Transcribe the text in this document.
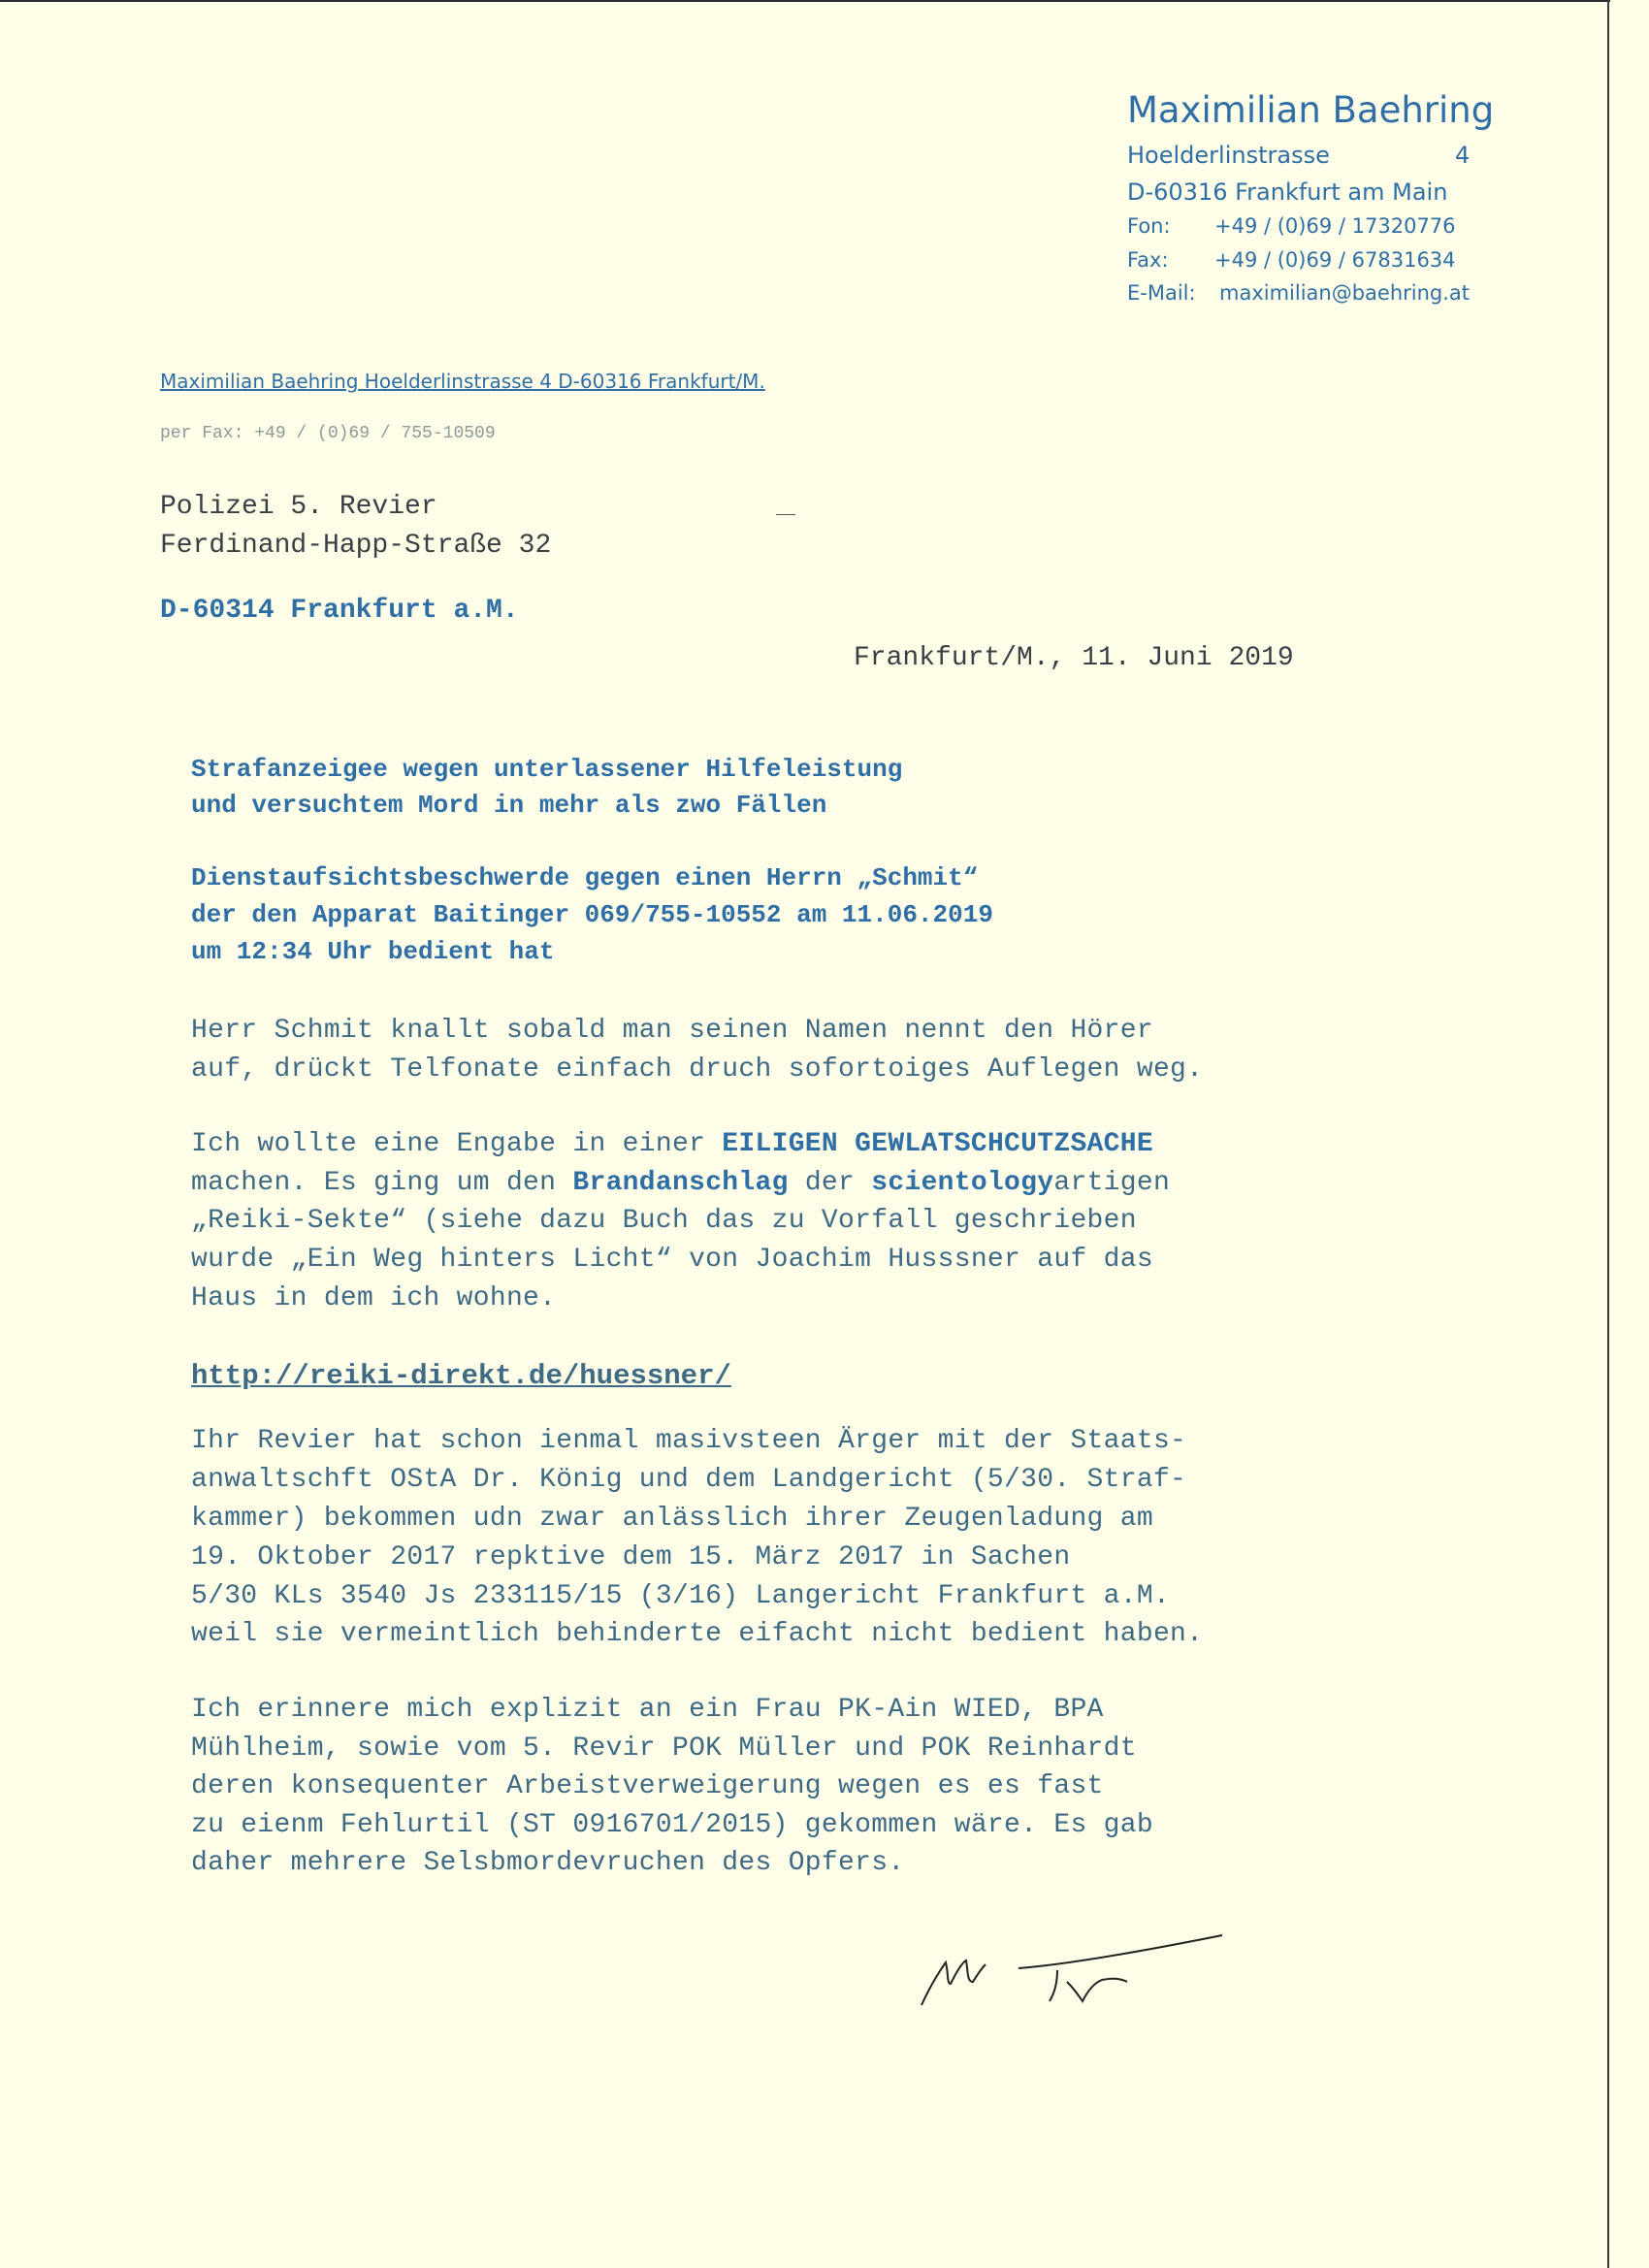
Maximilian Baehring
Hoelderlinstrasse	4
D-60316 Frankfurt am Main
Fon: +49 / (0)69 / 17320776
Fax: +49 / (0)69 / 67831634
E-Mail: maximilian@baehring.at
Maximilian Baehring Hoelderlinstrasse 4 D-60316 Frankfurt/M.
per Fax: +49 / (0)69 / 755-10509
Polizei 5. Revier
Ferdinand-Happ-Straße 32
D-60314 Frankfurt a.M.
Frankfurt/M., 11. Juni 2019
Strafanzeigee wegen unterlassener Hilfeleistung
und versuchtem Mord in mehr als zwo Fällen
Dienstaufsichtsbeschwerde gegen einen Herrn „Schmit“
der den Apparat Baitinger 069/755-10552 am 11.06.2019
um 12:34 Uhr bedient hat
Herr Schmit knallt sobald man seinen Namen nennt den Hörer
auf, drückt Telfonate einfach druch sofortoiges Auflegen weg.
Ich wollte eine Engabe in einer EILIGEN GEWLATSCHCUTZSACHE
machen. Es ging um den Brandanschlag der scientologyartigen
„Reiki-Sekte“ (siehe dazu Buch das zu Vorfall geschrieben
wurde „Ein Weg hinters Licht“ von Joachim Husssner auf das
Haus in dem ich wohne.
http://reiki-direkt.de/huessner/
Ihr Revier hat schon ienmal masivsteen Ärger mit der Staats-
anwaltschft OStA Dr. König und dem Landgericht (5/30. Straf-
kammer) bekommen udn zwar anlässlich ihrer Zeugenladung am
19. Oktober 2017 repktive dem 15. März 2017 in Sachen
5/30 KLs 3540 Js 233115/15 (3/16) Langericht Frankfurt a.M.
weil sie vermeintlich behinderte eifacht nicht bedient haben.
Ich erinnere mich explizit an ein Frau PK-Ain WIED, BPA
Mühlheim, sowie vom 5. Revir POK Müller und POK Reinhardt
deren konsequenter Arbeistverweigerung wegen es es fast
zu eienm Fehlurtil (ST 0916701/2015) gekommen wäre. Es gab
daher mehrere Selsbmordevruchen des Opfers.
